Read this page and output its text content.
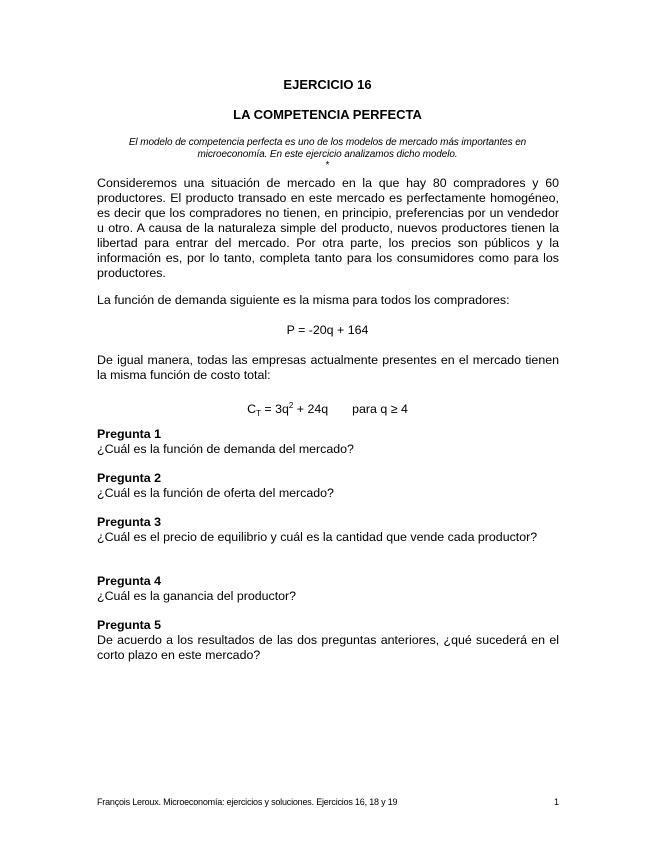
EJERCICIO 16
LA COMPETENCIA PERFECTA
El modelo de competencia perfecta es uno de los modelos de mercado más importantes en microeconomía. En este ejercicio analizamos dicho modelo.
*
Consideremos una situación de mercado en la que hay 80 compradores y 60 productores. El producto transado en este mercado es perfectamente homogéneo, es decir que los compradores no tienen, en principio, preferencias por un vendedor u otro. A causa de la naturaleza simple del producto, nuevos productores tienen la libertad para entrar del mercado. Por otra parte, los precios son públicos y la información es, por lo tanto, completa tanto para los consumidores como para los productores.
La función de demanda siguiente es la misma para todos los compradores:
P = -20q + 164
De igual manera, todas las empresas actualmente presentes en el mercado tienen la misma función de costo total:
$C_T = 3q^2 + 24q$ para q ≥ 4
Pregunta 1
¿Cuál es la función de demanda del mercado?
Pregunta 2
¿Cuál es la función de oferta del mercado?
Pregunta 3
¿Cuál es el precio de equilibrio y cuál es la cantidad que vende cada productor?
Pregunta 4
¿Cuál es la ganancia del productor?
Pregunta 5
De acuerdo a los resultados de las dos preguntas anteriores, ¿qué sucederá en el corto plazo en este mercado?
François Leroux. Microeconomía: ejercicios y soluciones. Ejercicios 16, 18 y 19	1
